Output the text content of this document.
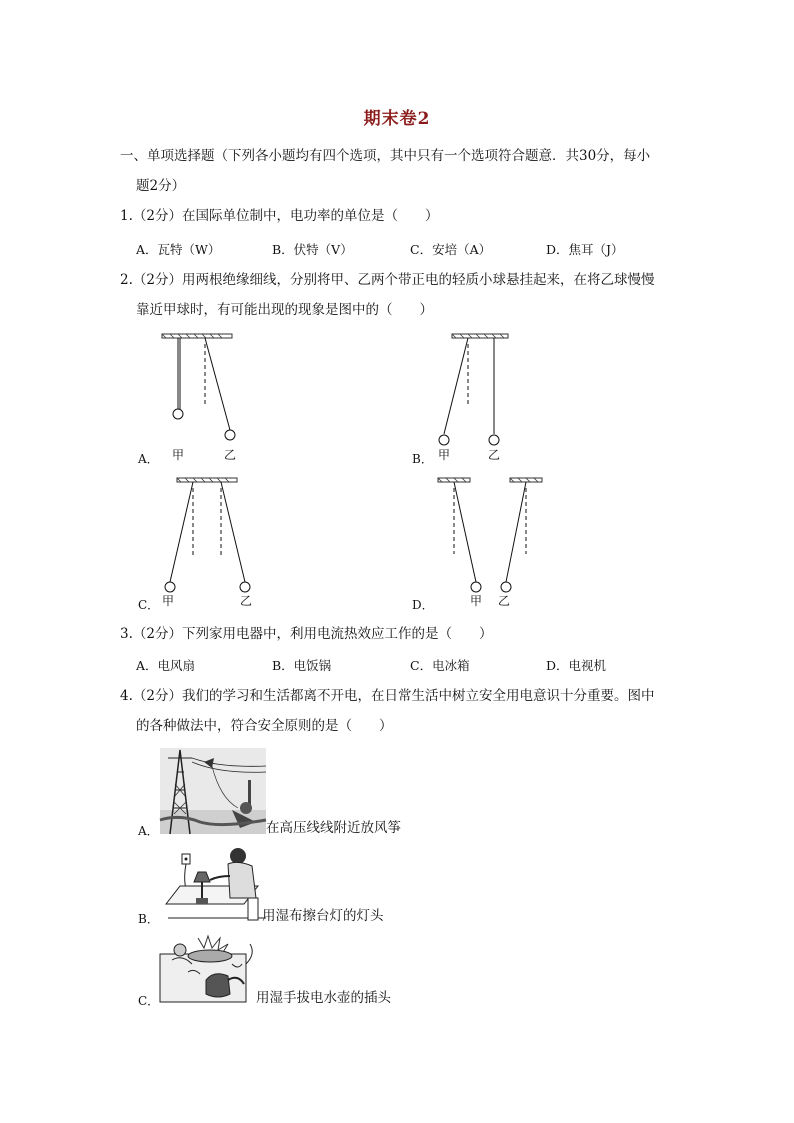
期末卷2
一、单项选择题（下列各小题均有四个选项，其中只有一个选项符合题意．共30分，每小
题2分）
1.（2分）在国际单位制中，电功率的单位是（　　）
A．瓦特（W）	B．伏特（V）	C．安培（A）	D．焦耳（J）
2.（2分）用两根绝缘细线，分别将甲、乙两个带正电的轻质小球悬挂起来，在将乙球慢慢
靠近甲球时，有可能出现的现象是图中的（　　）
A． 甲	乙	B． 甲	乙
C． 甲	乙	D．	甲 乙
3.（2分）下列家用电器中，利用电流热效应工作的是（　　）
A．电风扇	B．电饭锅	C．电冰箱	D．电视机
4.（2分）我们的学习和生活都离不开电，在日常生活中树立安全用电意识十分重要。图中
的各种做法中，符合安全原则的是（　　）
A．	在高压线线附近放风筝
B．	用湿布擦台灯的灯头
C．	用湿手拔电水壶的插头
